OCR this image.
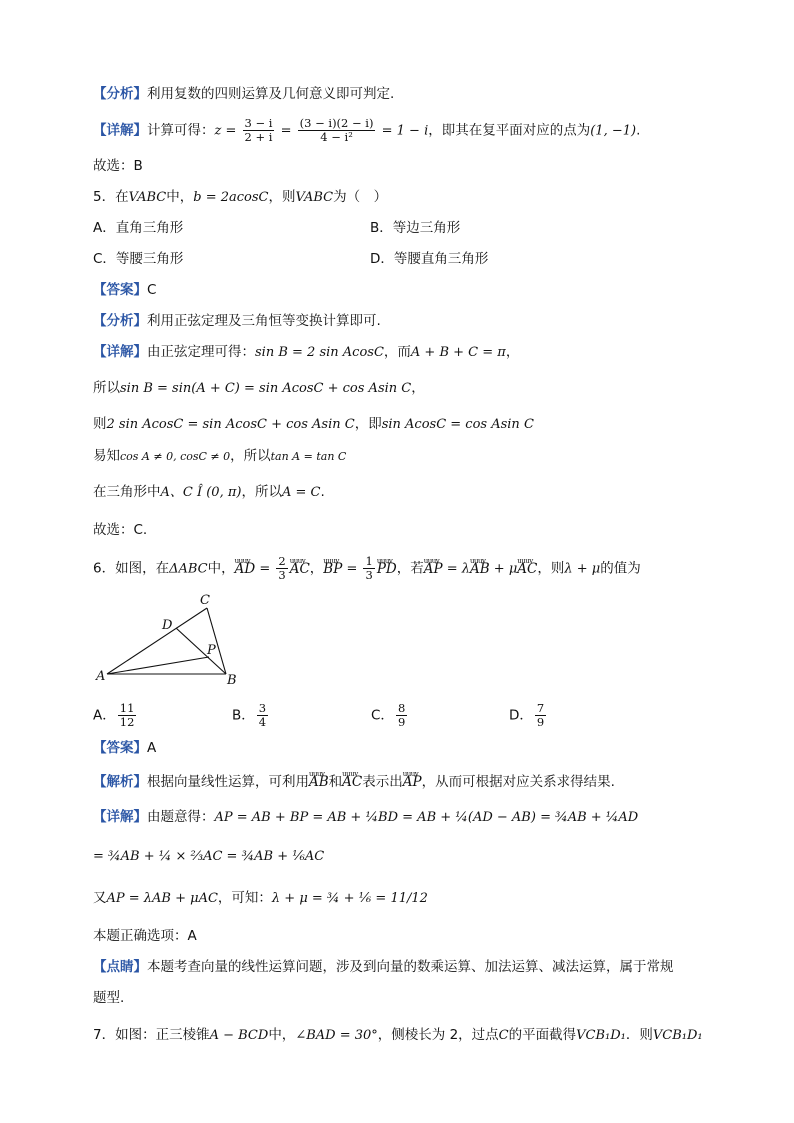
【分析】利用复数的四则运算及几何意义即可判定.
【详解】计算可得：$z = \frac{3 - i}{2 + i} = \frac{(3 - i)(2 - i)}{\text{4 − i²}} = 1 - i$，即其在复平面对应的点为(1, −1).
故选：B
5．在VABC中，b = 2acosC，则VABC为（　）
A．直角三角形	B．等边三角形
C．等腰三角形	D．等腰直角三角形
【答案】C
【分析】利用正弦定理及三角恒等变换计算即可.
【详解】由正弦定理可得：sin B = 2 sin AcosC，而A + B + C = π，
所以sin B = sin(A + C) = sin AcosC + cos Asin C，
则2 sin AcosC = sin AcosC + cos Asin C，即sin AcosC = cos Asin C
易知cos A ≠ 0, cosC ≠ 0，所以tan A = tan C
在三角形中A、C Î (0, π)，所以A = C.
故选：C.
6．如图，在ΔABC中，uuuv AD = $\frac{2}{3}$ uuuv AC，uuuv BP = $\frac{1}{3}$ uuuv PD，若uuuv AP = λuuuv AB + μuuuv AC，则λ + μ的值为
A	B
C
D
P
A． $\frac{11}{12}$	B． $\frac{3}{4}$	C． $\frac{8}{9}$	D． $\frac{7}{9}$
【答案】A
【解析】根据向量线性运算，可利用uuuv AB和uuuv AC表示出uuuv AP，从而可根据对应关系求得结果.
【详解】由题意得：AP = AB + BP = AB + ¼BD = AB + ¼(AD − AB) = ¾AB + ¼AD
= ¾AB + ¼ × ⅔AC = ¾AB + ⅙AC
又AP = λAB + μAC，可知：λ + μ = ¾ + ⅙ = 11/12
本题正确选项：A
【点睛】本题考查向量的线性运算问题，涉及到向量的数乘运算、加法运算、减法运算，属于常规
题型.
7．如图：正三棱锥A − BCD中，∠BAD = 30°，侧棱长为 2，过点C的平面截得VCB₁D₁．则VCB₁D₁
